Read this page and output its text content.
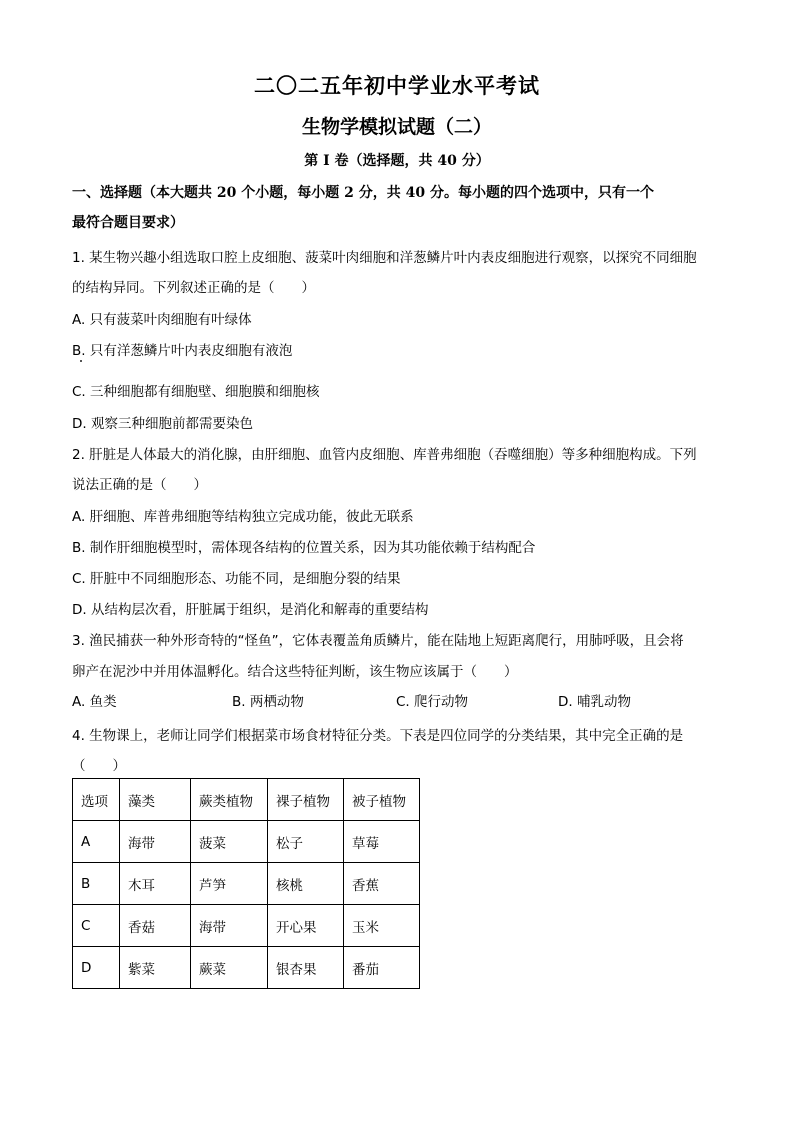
二〇二五年初中学业水平考试
生物学模拟试题（二）
第 I 卷（选择题，共 40 分）
一、选择题（本大题共 20 个小题，每小题 2 分，共 40 分。每小题的四个选项中，只有一个
最符合题目要求）
1. 某生物兴趣小组选取口腔上皮细胞、菠菜叶肉细胞和洋葱鳞片叶内表皮细胞进行观察，以探究不同细胞
的结构异同。下列叙述正确的是（　　）
A. 只有菠菜叶肉细胞有叶绿体
B. 只有洋葱鳞片叶内表皮细胞有液泡
C. 三种细胞都有细胞壁、细胞膜和细胞核
D. 观察三种细胞前都需要染色
2. 肝脏是人体最大的消化腺，由肝细胞、血管内皮细胞、库普弗细胞（吞噬细胞）等多种细胞构成。下列
说法正确的是（　　）
A. 肝细胞、库普弗细胞等结构独立完成功能，彼此无联系
B. 制作肝细胞模型时，需体现各结构的位置关系，因为其功能依赖于结构配合
C. 肝脏中不同细胞形态、功能不同，是细胞分裂的结果
D. 从结构层次看，肝脏属于组织，是消化和解毒的重要结构
3. 渔民捕获一种外形奇特的“怪鱼”，它体表覆盖角质鳞片，能在陆地上短距离爬行，用肺呼吸，且会将
卵产在泥沙中并用体温孵化。结合这些特征判断，该生物应该属于（　　）
A. 鱼类	B. 两栖动物	C. 爬行动物	D. 哺乳动物
4. 生物课上，老师让同学们根据菜市场食材特征分类。下表是四位同学的分类结果，其中完全正确的是
（　　）
选项	藻类	蕨类植物	裸子植物	被子植物
A	海带	菠菜	松子	草莓
B	木耳	芦笋	核桃	香蕉
C	香菇	海带	开心果	玉米
D	紫菜	蕨菜	银杏果	番茄
